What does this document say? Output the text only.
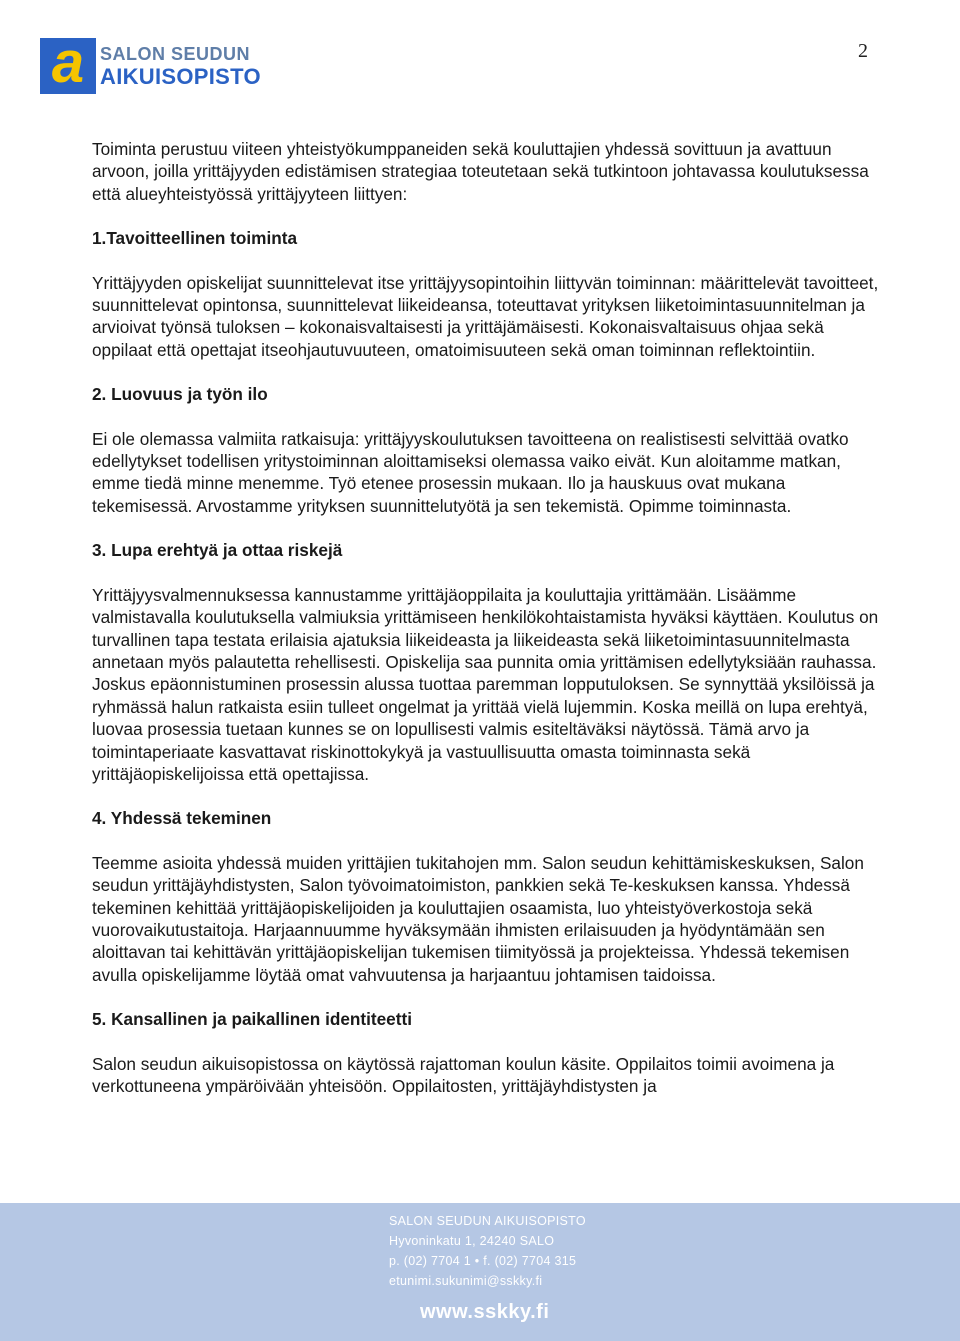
a SALON SEUDUN
AIKUISOPISTO
2

Toiminta perustuu viiteen yhteistyökumppaneiden sekä kouluttajien yhdessä sovittuun ja avattuun arvoon, joilla yrittäjyyden edistämisen strategiaa toteutetaan sekä tutkintoon johtavassa koulutuksessa että alueyhteistyössä yrittäjyyteen liittyen:

1.Tavoitteellinen toiminta

Yrittäjyyden opiskelijat suunnittelevat itse yrittäjyysopintoihin liittyvän toiminnan: määrittelevät tavoitteet, suunnittelevat opintonsa, suunnittelevat liikeideansa, toteuttavat yrityksen liiketoimintasuunnitelman ja arvioivat työnsä tuloksen – kokonaisvaltaisesti ja yrittäjämäisesti. Kokonaisvaltaisuus ohjaa sekä oppilaat että opettajat itseohjautuvuuteen, omatoimisuuteen sekä oman toiminnan reflektointiin.

2. Luovuus ja työn ilo

Ei ole olemassa valmiita ratkaisuja: yrittäjyyskoulutuksen tavoitteena on realistisesti selvittää ovatko edellytykset todellisen yritystoiminnan aloittamiseksi olemassa vaiko eivät. Kun aloitamme matkan, emme tiedä minne menemme. Työ etenee prosessin mukaan. Ilo ja hauskuus ovat mukana tekemisessä. Arvostamme yrityksen suunnittelutyötä ja sen tekemistä. Opimme toiminnasta.

3. Lupa erehtyä ja ottaa riskejä

Yrittäjyysvalmennuksessa kannustamme yrittäjäoppilaita ja kouluttajia yrittämään. Lisäämme valmistavalla koulutuksella valmiuksia yrittämiseen henkilökohtaistamista hyväksi käyttäen. Koulutus on turvallinen tapa testata erilaisia ajatuksia liikeideasta ja liikeideasta sekä liiketoimintasuunnitelmasta annetaan myös palautetta rehellisesti. Opiskelija saa punnita omia yrittämisen edellytyksiään rauhassa. Joskus epäonnistuminen prosessin alussa tuottaa paremman lopputuloksen. Se synnyttää yksilöissä ja ryhmässä halun ratkaista esiin tulleet ongelmat ja yrittää vielä lujemmin. Koska meillä on lupa erehtyä, luovaa prosessia tuetaan kunnes se on lopullisesti valmis esiteltäväksi näytössä. Tämä arvo ja toimintaperiaate kasvattavat riskinottokykyä ja vastuullisuutta omasta toiminnasta sekä yrittäjäopiskelijoissa että opettajissa.

4. Yhdessä tekeminen

Teemme asioita yhdessä muiden yrittäjien tukitahojen mm. Salon seudun kehittämiskeskuksen, Salon seudun yrittäjäyhdistysten, Salon työvoimatoimiston, pankkien sekä Te-keskuksen kanssa. Yhdessä tekeminen kehittää yrittäjäopiskelijoiden ja kouluttajien osaamista, luo yhteistyöverkostoja sekä vuorovaikutustaitoja. Harjaannuumme hyväksymään ihmisten erilaisuuden ja hyödyntämään sen aloittavan tai kehittävän yrittäjäopiskelijan tukemisen tiimityössä ja projekteissa. Yhdessä tekemisen avulla opiskelijamme löytää omat vahvuutensa ja harjaantuu johtamisen taidoissa.

5. Kansallinen ja paikallinen identiteetti

Salon seudun aikuisopistossa on käytössä rajattoman koulun käsite. Oppilaitos toimii avoimena ja verkottuneena ympäröivään yhteisöön. Oppilaitosten, yrittäjäyhdistysten ja

SALON SEUDUN AIKUISOPISTO
Hyvoninkatu 1, 24240 SALO
p. (02) 7704 1 • f. (02) 7704 315
etunimi.sukunimi@sskky.fi
www.sskky.fi
